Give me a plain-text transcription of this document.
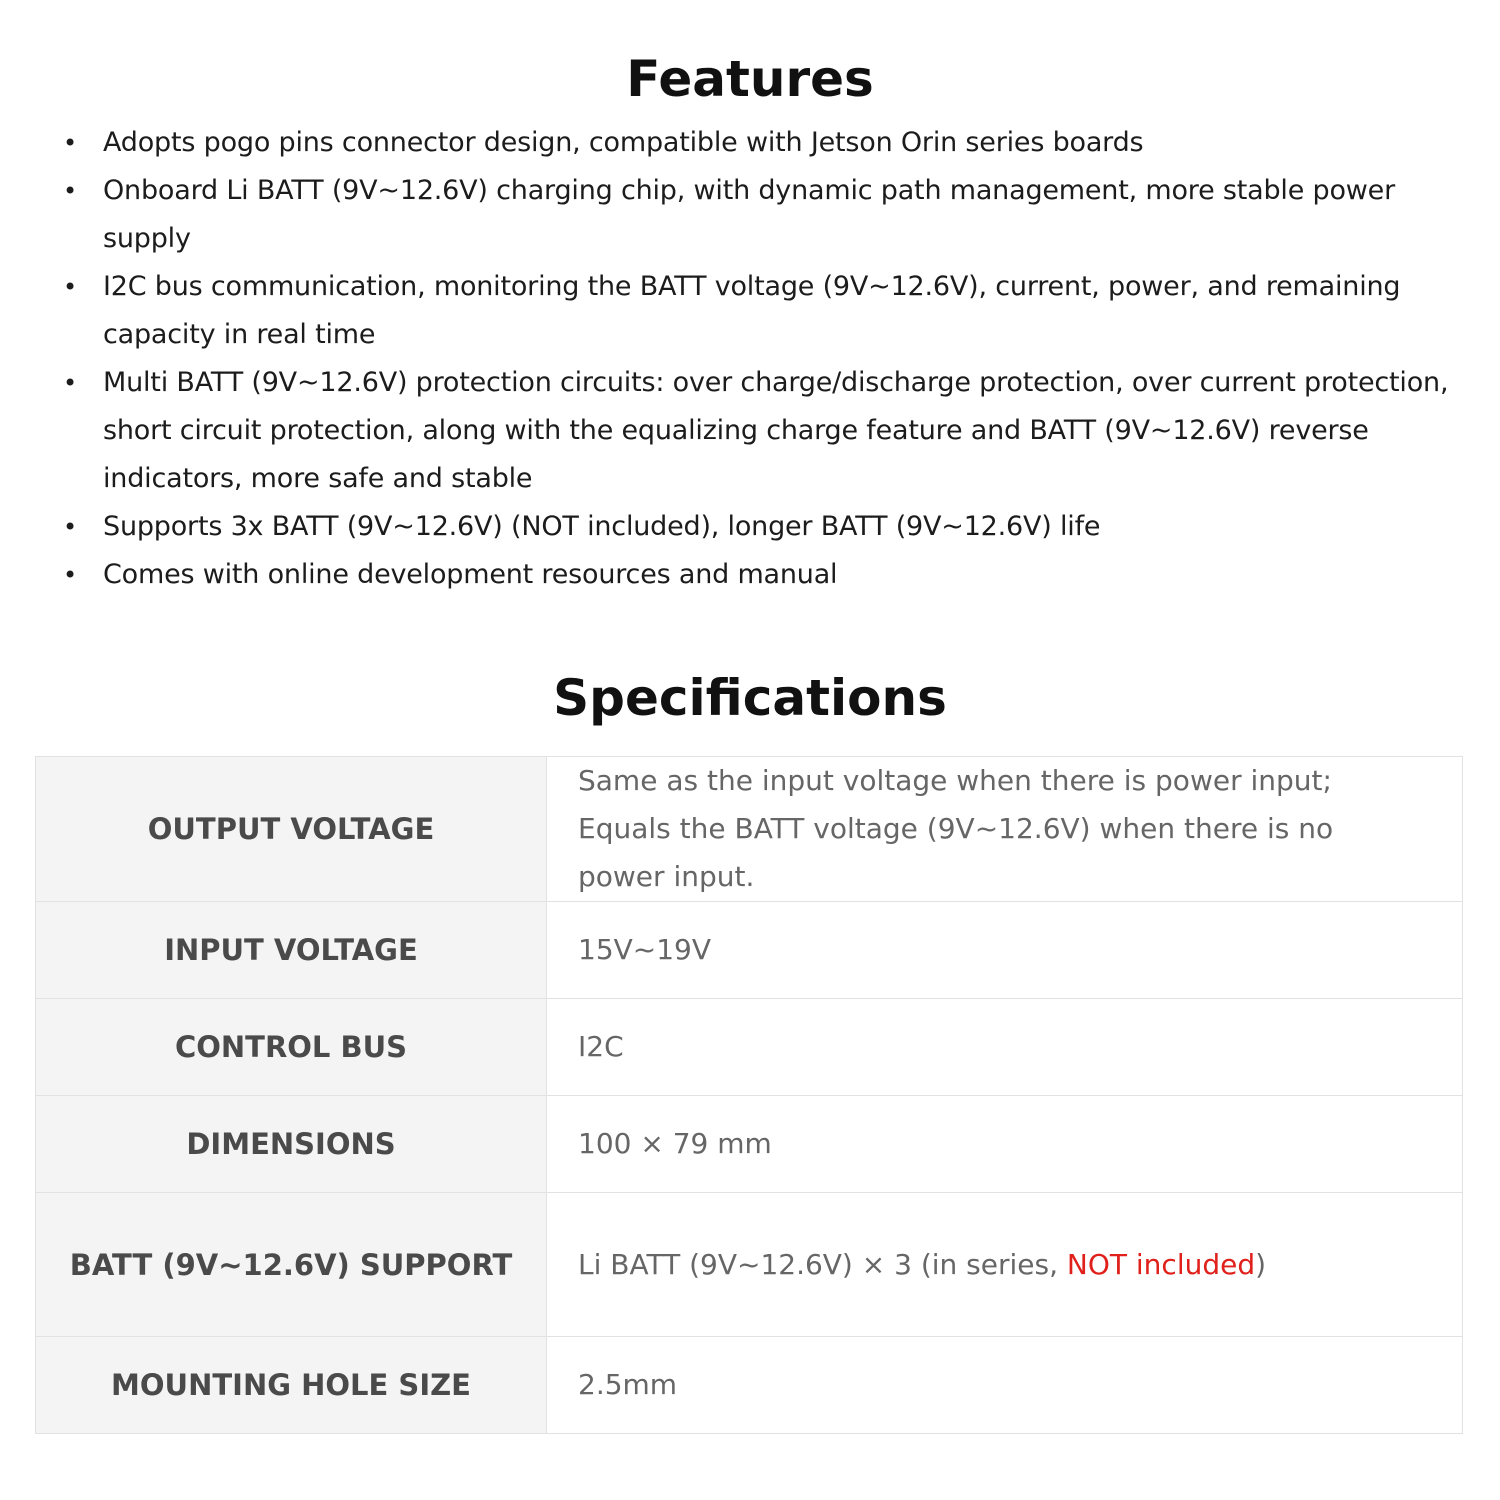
Features
• Adopts pogo pins connector design, compatible with Jetson Orin series boards
• Onboard Li BATT (9V~12.6V) charging chip, with dynamic path management, more stable power supply
• I2C bus communication, monitoring the BATT voltage (9V~12.6V), current, power, and remaining capacity in real time
• Multi BATT (9V~12.6V) protection circuits: over charge/discharge protection, over current protection, short circuit protection, along with the equalizing charge feature and BATT (9V~12.6V) reverse indicators, more safe and stable
• Supports 3x BATT (9V~12.6V) (NOT included), longer BATT (9V~12.6V) life
• Comes with online development resources and manual
Specifications
OUTPUT VOLTAGE	Same as the input voltage when there is power input; Equals the BATT voltage (9V~12.6V) when there is no power input.
INPUT VOLTAGE	15V~19V
CONTROL BUS	I2C
DIMENSIONS	100 × 79 mm
BATT (9V~12.6V) SUPPORT	Li BATT (9V~12.6V) × 3 (in series, NOT included)
MOUNTING HOLE SIZE	2.5mm
